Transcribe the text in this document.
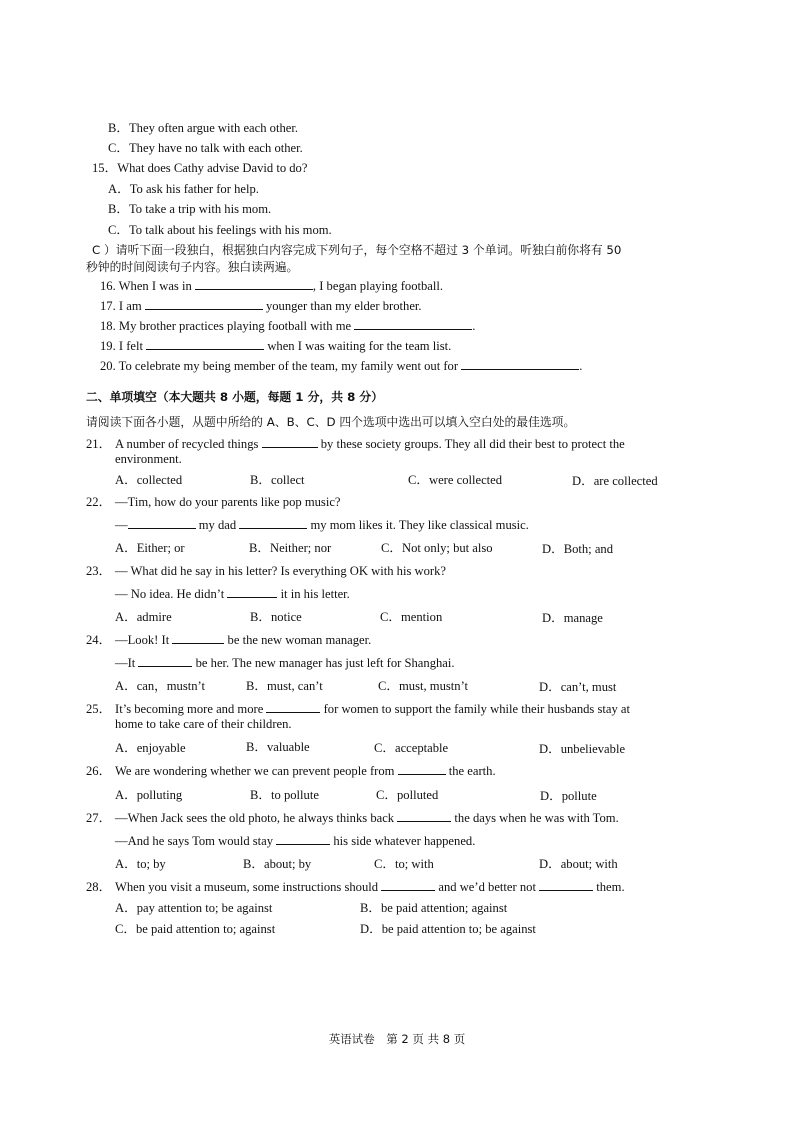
B．They often argue with each other.
C．They have no talk with each other.
15．What does Cathy advise David to do?
A．To ask his father for help.
B．To take a trip with his mom.
C．To talk about his feelings with his mom.
C ）请听下面一段独白，根据独白内容完成下列句子，每个空格不超过 3 个单词。听独白前你将有 50
秒钟的时间阅读句子内容。独白读两遍。
16. When I was in	, I began playing football.
17. I am	younger than my elder brother.
18. My brother practices playing football with me	.
19. I felt	when I was waiting for the team list.
20. To celebrate my being member of the team, my family went out for	.
二、单项填空（本大题共 8 小题，每题 1 分，共 8 分）
请阅读下面各小题，从题中所给的 A、B、C、D 四个选项中选出可以填入空白处的最佳选项。
21． A number of recycled things	by these society groups. They all did their best to protect the
environment.
A．collected	B．collect	C．were collected	D．are collected
22． —Tim, how do your parents like pop music?
—	my dad	my mom likes it. They like classical music.
A．Either; or	B．Neither; nor	C．Not only; but also	D．Both; and
23． — What did he say in his letter? Is everything OK with his work?
— No idea. He didn’t	it in his letter.
A．admire	B．notice	C．mention	D．manage
24． —Look! It	be the new woman manager.
—It	be her. The new manager has just left for Shanghai.
A．can，mustn’t	B．must, can’t	C．must, mustn’t	D．can’t, must
25． It’s becoming more and more	for women to support the family while their husbands stay at
home to take care of their children.
A．enjoyable	B．valuable	C．acceptable	D．unbelievable
26． We are wondering whether we can prevent people from	the earth.
A．polluting	B．to pollute	C．polluted	D．pollute
27． —When Jack sees the old photo, he always thinks back	the days when he was with Tom.
—And he says Tom would stay	his side whatever happened.
A．to; by	B．about; by	C．to; with	D．about; with
28． When you visit a museum, some instructions should	and we’d better not	them.
A．pay attention to; be against	B．be paid attention; against
C．be paid attention to; against	D．be paid attention to; be against
英语试卷　第 2 页 共 8 页
